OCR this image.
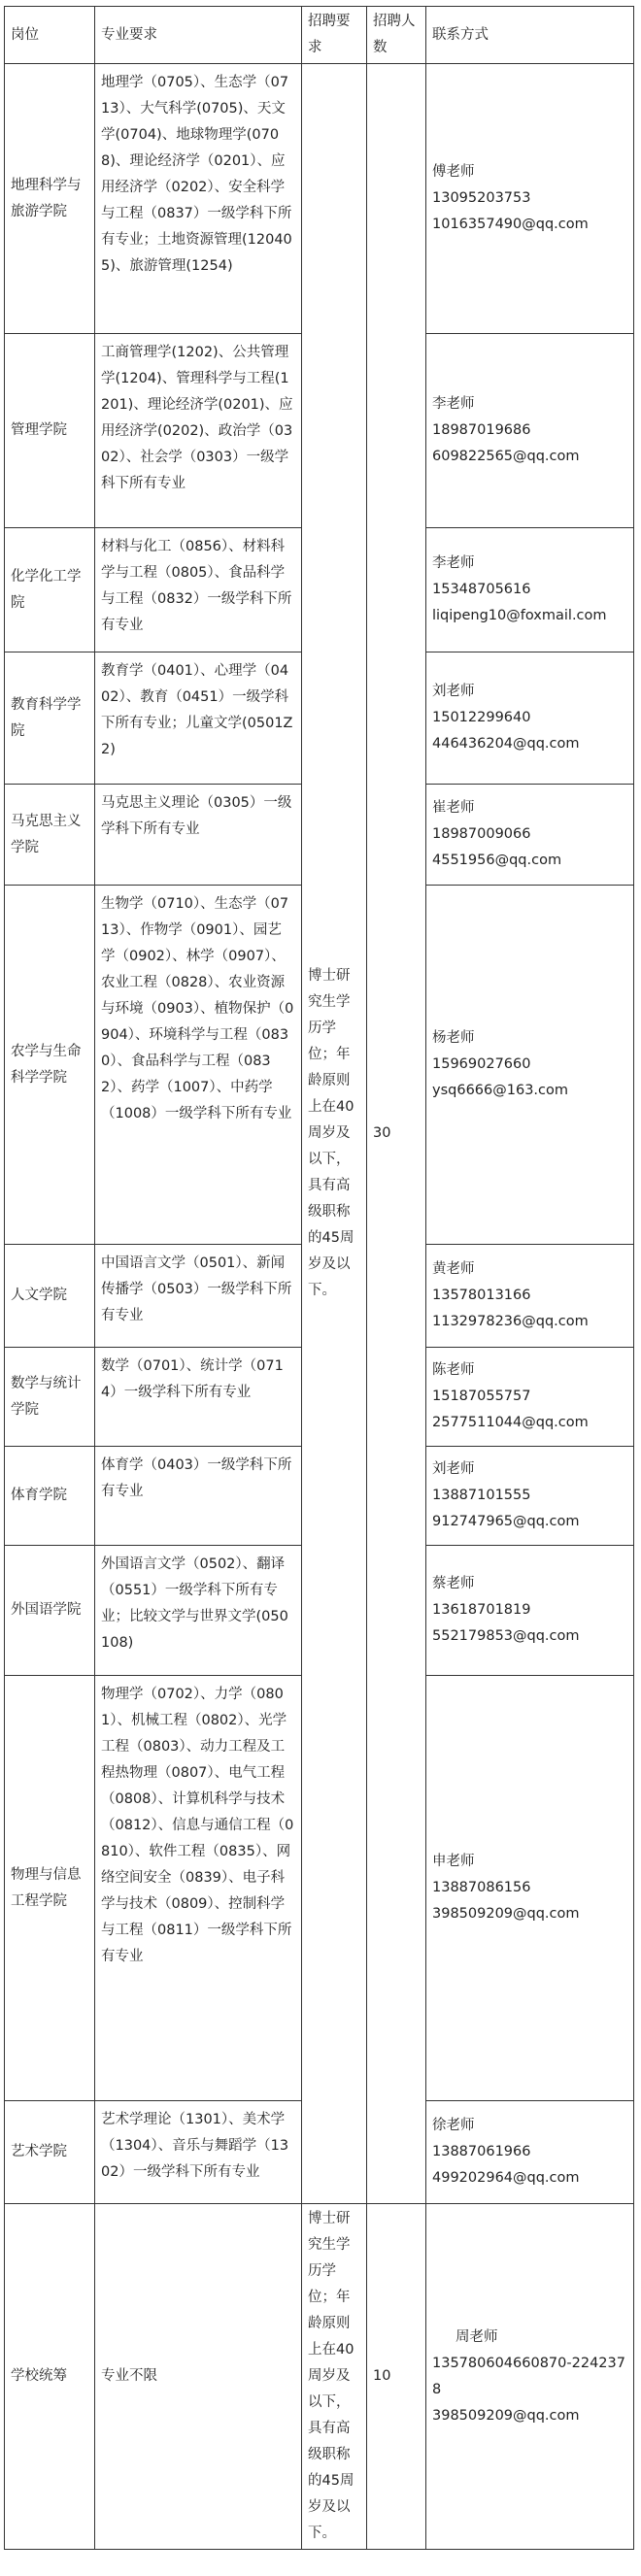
岗位	专业要求	招聘要求	招聘人数	联系方式
地理科学与旅游学院	地理学（0705）、生态学（0713）、大气科学(0705)、天文学(0704)、地球物理学(0708)、理论经济学（0201）、应用经济学（0202）、安全科学与工程（0837）一级学科下所有专业；土地资源管理(120405)、旅游管理(1254)	博士研究生学历学位；年龄原则上在40周岁及以下，具有高级职称的45周岁及以下。	30	傅老师
13095203753
1016357490@qq.com

管理学院	工商管理学(1202)、公共管理学(1204)、管理科学与工程(1201)、理论经济学(0201)、应用经济学(0202)、政治学（0302）、社会学（0303）一级学科下所有专业			李老师
18987019686
609822565@qq.com

化学化工学院	材料与化工（0856）、材料科学与工程（0805）、食品科学与工程（0832）一级学科下所有专业			李老师
15348705616
liqipeng10@foxmail.com

教育科学学院	教育学（0401）、心理学（0402）、教育（0451）一级学科下所有专业；儿童文学(0501Z2)			刘老师
15012299640
446436204@qq.com

马克思主义学院	马克思主义理论（0305）一级学科下所有专业			崔老师
18987009066
4551956@qq.com

农学与生命科学学院	生物学（0710）、生态学（0713）、作物学（0901）、园艺学（0902）、林学（0907）、农业工程（0828）、农业资源与环境（0903）、植物保护（0904）、环境科学与工程（0830）、食品科学与工程（0832）、药学（1007）、中药学（1008）一级学科下所有专业			杨老师
15969027660
ysq6666@163.com

人文学院	中国语言文学（0501）、新闻传播学（0503）一级学科下所有专业			黄老师
13578013166
1132978236@qq.com

数学与统计学院	数学（0701）、统计学（0714）一级学科下所有专业			陈老师
15187055757
2577511044@qq.com

体育学院	体育学（0403）一级学科下所有专业			刘老师
13887101555
912747965@qq.com

外国语学院	外国语言文学（0502）、翻译（0551）一级学科下所有专业；比较文学与世界文学(050108)			蔡老师
13618701819
552179853@qq.com

物理与信息工程学院	物理学（0702）、力学（0801）、机械工程（0802）、光学工程（0803）、动力工程及工程热物理（0807）、电气工程（0808）、计算机科学与技术（0812）、信息与通信工程（0810）、软件工程（0835）、网络空间安全（0839）、电子科学与技术（0809）、控制科学与工程（0811）一级学科下所有专业			申老师
13887086156
398509209@qq.com

艺术学院	艺术学理论（1301）、美术学（1304）、音乐与舞蹈学（1302）一级学科下所有专业			徐老师
13887061966
499202964@qq.com

学校统筹	专业不限	博士研究生学历学位；年龄原则上在40周岁及以下，具有高级职称的45周岁及以下。	10	周老师
135780604660870-2242378
398509209@qq.com
